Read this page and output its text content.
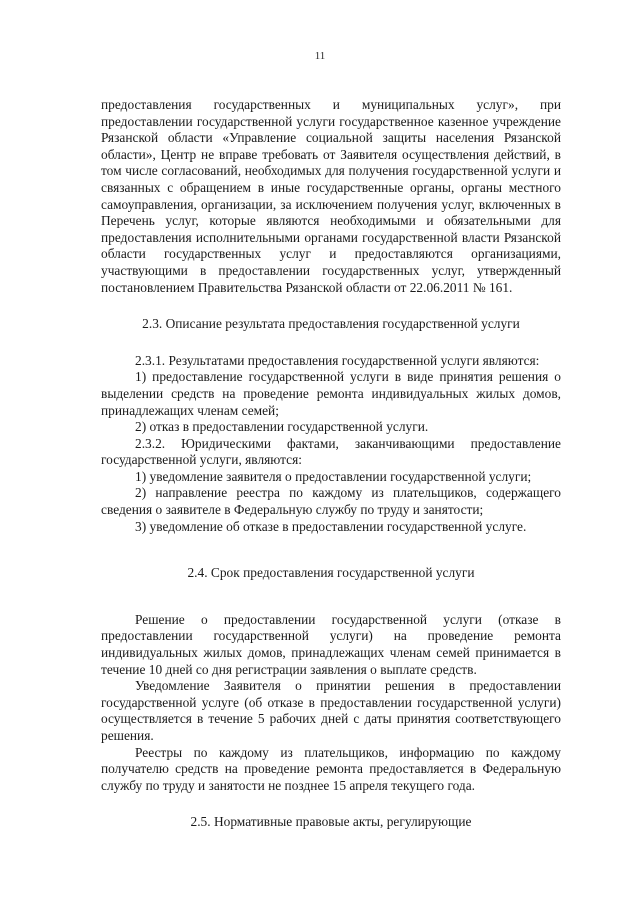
11

предоставления государственных и муниципальных услуг», при предоставлении государственной услуги государственное казенное учреждение Рязанской области «Управление социальной защиты населения Рязанской области», Центр не вправе требовать от Заявителя осуществления действий, в том числе согласований, необходимых для получения государственной услуги и связанных с обращением в иные государственные органы, органы местного самоуправления, организации, за исключением получения услуг, включенных в Перечень услуг, которые являются необходимыми и обязательными для предоставления исполнительными органами государственной власти Рязанской области государственных услуг и предоставляются организациями, участвующими в предоставлении государственных услуг, утвержденный постановлением Правительства Рязанской области от 22.06.2011 № 161.

2.3. Описание результата предоставления государственной услуги

2.3.1. Результатами предоставления государственной услуги являются:

1) предоставление государственной услуги в виде принятия решения о выделении средств на проведение ремонта индивидуальных жилых домов, принадлежащих членам семей;

2) отказ в предоставлении государственной услуги.

2.3.2. Юридическими фактами, заканчивающими предоставление государственной услуги, являются:

1) уведомление заявителя о предоставлении государственной услуги;

2) направление реестра по каждому из плательщиков, содержащего сведения о заявителе в Федеральную службу по труду и занятости;

3) уведомление об отказе в предоставлении государственной услуге.

2.4. Срок предоставления государственной услуги

Решение о предоставлении государственной услуги (отказе в предоставлении государственной услуги) на проведение ремонта индивидуальных жилых домов, принадлежащих членам семей принимается в течение 10 дней со дня регистрации заявления о выплате средств.

Уведомление Заявителя о принятии решения в предоставлении государственной услуге (об отказе в предоставлении государственной услуги) осуществляется в течение 5 рабочих дней с даты принятия соответствующего решения.

Реестры по каждому из плательщиков, информацию по каждому получателю средств на проведение ремонта предоставляется в Федеральную службу по труду и занятости не позднее 15 апреля текущего года.

2.5. Нормативные правовые акты, регулирующие
